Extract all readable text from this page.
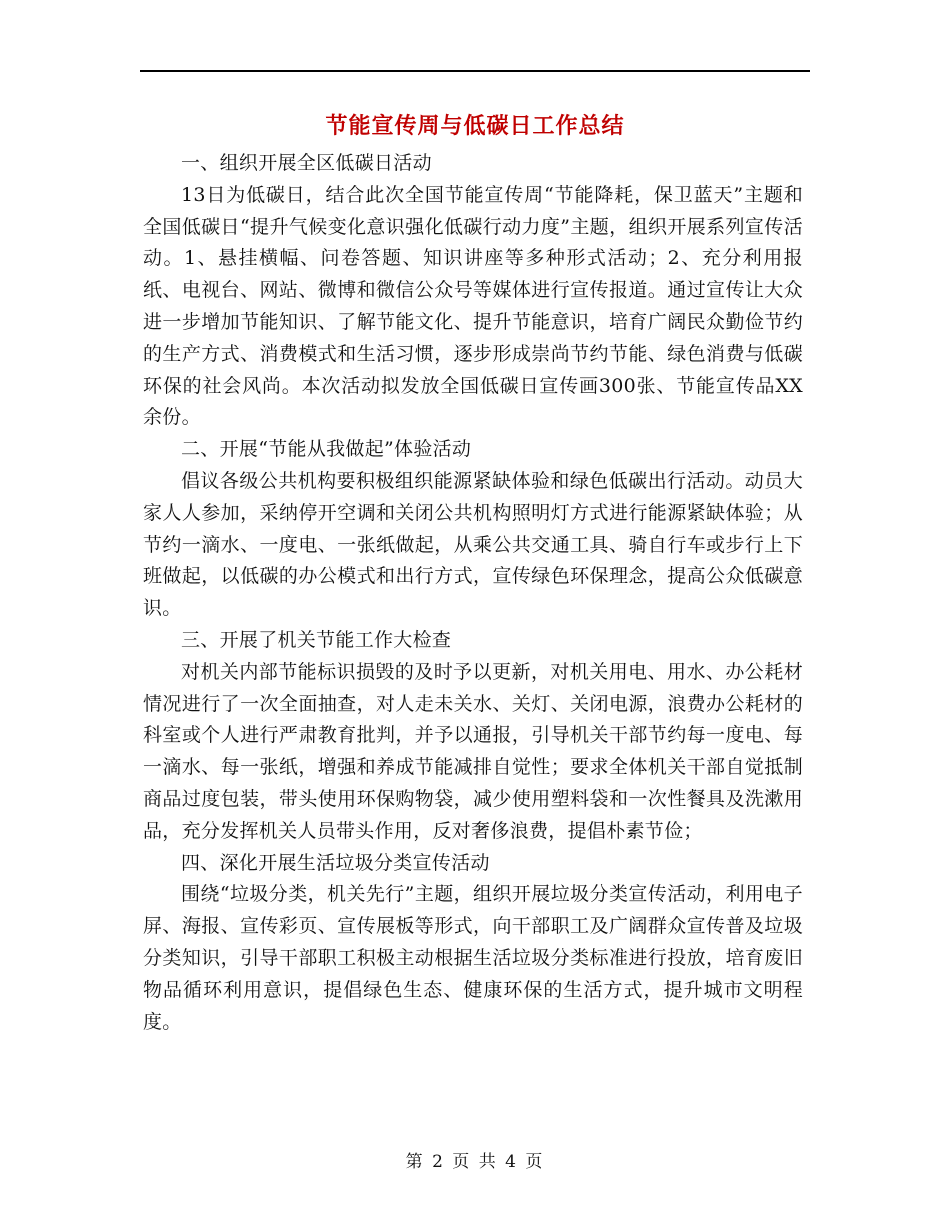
节能宣传周与低碳日工作总结

一、组织开展全区低碳日活动

13日为低碳日，结合此次全国节能宣传周“节能降耗，保卫蓝天”主题和全国低碳日“提升气候变化意识强化低碳行动力度”主题，组织开展系列宣传活动。1、悬挂横幅、问卷答题、知识讲座等多种形式活动；2、充分利用报纸、电视台、网站、微博和微信公众号等媒体进行宣传报道。通过宣传让大众进一步增加节能知识、了解节能文化、提升节能意识，培育广阔民众勤俭节约的生产方式、消费模式和生活习惯，逐步形成崇尚节约节能、绿色消费与低碳环保的社会风尚。本次活动拟发放全国低碳日宣传画300张、节能宣传品XX余份。

二、开展“节能从我做起”体验活动

倡议各级公共机构要积极组织能源紧缺体验和绿色低碳出行活动。动员大家人人参加，采纳停开空调和关闭公共机构照明灯方式进行能源紧缺体验；从节约一滴水、一度电、一张纸做起，从乘公共交通工具、骑自行车或步行上下班做起，以低碳的办公模式和出行方式，宣传绿色环保理念，提高公众低碳意识。

三、开展了机关节能工作大检查

对机关内部节能标识损毁的及时予以更新，对机关用电、用水、办公耗材情况进行了一次全面抽查，对人走未关水、关灯、关闭电源，浪费办公耗材的科室或个人进行严肃教育批判，并予以通报，引导机关干部节约每一度电、每一滴水、每一张纸，增强和养成节能减排自觉性；要求全体机关干部自觉抵制商品过度包装，带头使用环保购物袋，减少使用塑料袋和一次性餐具及洗漱用品，充分发挥机关人员带头作用，反对奢侈浪费，提倡朴素节俭；

四、深化开展生活垃圾分类宣传活动

围绕“垃圾分类，机关先行”主题，组织开展垃圾分类宣传活动，利用电子屏、海报、宣传彩页、宣传展板等形式，向干部职工及广阔群众宣传普及垃圾分类知识，引导干部职工积极主动根据生活垃圾分类标准进行投放，培育废旧物品循环利用意识，提倡绿色生态、健康环保的生活方式，提升城市文明程度。

第 2 页 共 4 页
